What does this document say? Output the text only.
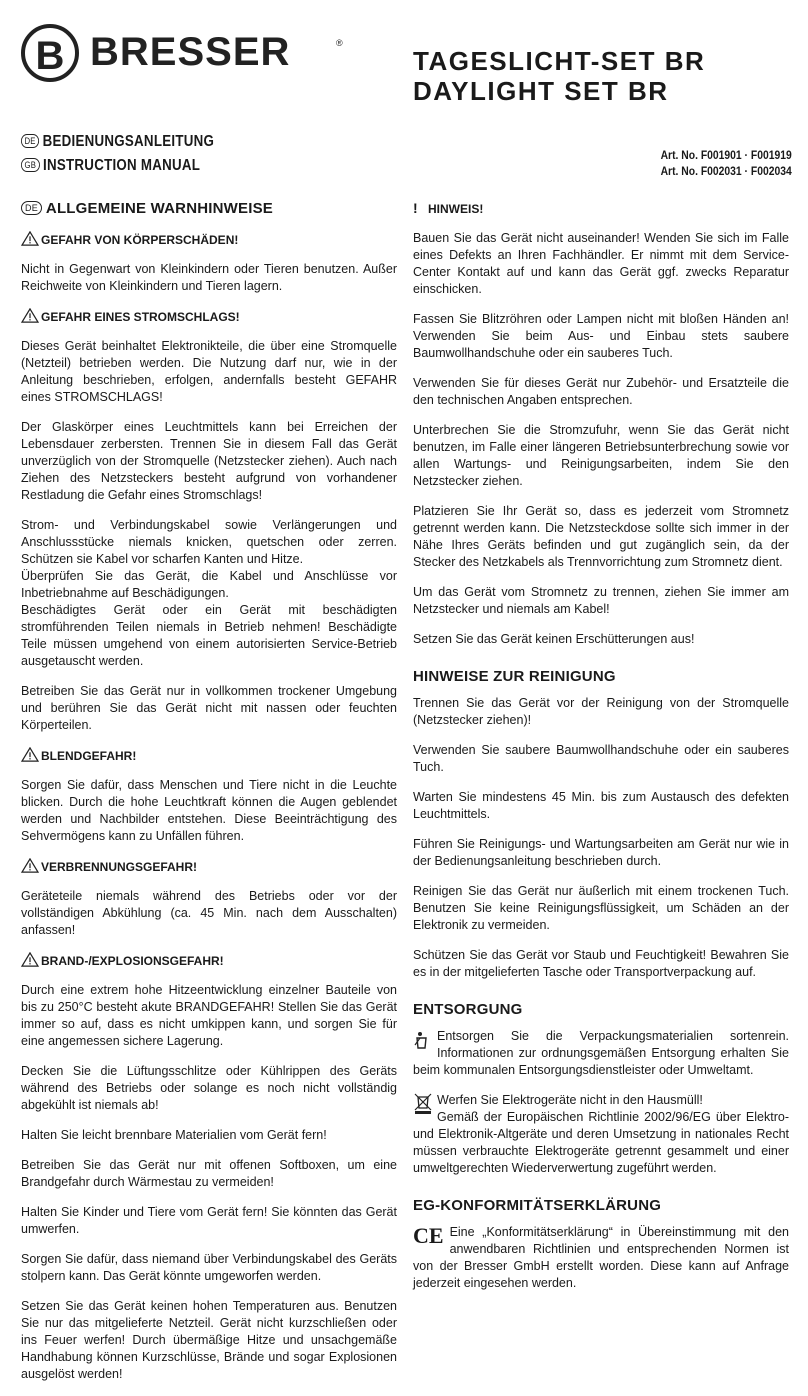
B BRESSER	®
TAGESLICHT-SET BR
DAYLIGHT SET BR
DE BEDIENUNGSANLEITUNG
GB INSTRUCTION MANUAL
Art. No. F001901 · F001919
Art. No. F002031 · F002034
DE ALLGEMEINE WARNHINWEISE

GEFAHR VON KÖRPERSCHÄDEN!

Nicht in Gegenwart von Kleinkindern oder Tieren benutzen. Außer Reichweite von Kleinkindern und Tieren lagern.

GEFAHR EINES STROMSCHLAGS!

Dieses Gerät beinhaltet Elektronikteile, die über eine Stromquelle (Netzteil) betrieben werden. Die Nutzung darf nur, wie in der Anleitung beschrieben, erfolgen, andernfalls besteht GEFAHR eines STROMSCHLAGS!

Der Glaskörper eines Leuchtmittels kann bei Erreichen der Lebensdauer zerbersten. Trennen Sie in diesem Fall das Gerät unverzüglich von der Stromquelle (Netzstecker ziehen). Auch nach Ziehen des Netzsteckers besteht aufgrund von vorhandener Restladung die Gefahr eines Stromschlags!

Strom- und Verbindungskabel sowie Verlängerungen und Anschlussstücke niemals knicken, quetschen oder zerren. Schützen sie Kabel vor scharfen Kanten und Hitze.

Überprüfen Sie das Gerät, die Kabel und Anschlüsse vor Inbetriebnahme auf Beschädigungen.

Beschädigtes Gerät oder ein Gerät mit beschädigten stromführenden Teilen niemals in Betrieb nehmen! Beschädigte Teile müssen umgehend von einem autorisierten Service-Betrieb ausgetauscht werden.

Betreiben Sie das Gerät nur in vollkommen trockener Umgebung und berühren Sie das Gerät nicht mit nassen oder feuchten Körperteilen.

BLENDGEFAHR!

Sorgen Sie dafür, dass Menschen und Tiere nicht in die Leuchte blicken. Durch die hohe Leuchtkraft können die Augen geblendet werden und Nachbilder entstehen. Diese Beeinträchtigung des Sehvermögens kann zu Unfällen führen.

VERBRENNUNGSGEFAHR!

Geräteteile niemals während des Betriebs oder vor der vollständigen Abkühlung (ca. 45 Min. nach dem Ausschalten) anfassen!

BRAND-/EXPLOSIONSGEFAHR!

Durch eine extrem hohe Hitzeentwicklung einzelner Bauteile von bis zu 250°C besteht akute BRANDGEFAHR! Stellen Sie das Gerät immer so auf, dass es nicht umkippen kann, und sorgen Sie für eine angemessen sichere Lagerung.

Decken Sie die Lüftungsschlitze oder Kühlrippen des Geräts während des Betriebs oder solange es noch nicht vollständig abgekühlt ist niemals ab!

Halten Sie leicht brennbare Materialien vom Gerät fern!

Betreiben Sie das Gerät nur mit offenen Softboxen, um eine Brandgefahr durch Wärmestau zu vermeiden!

Halten Sie Kinder und Tiere vom Gerät fern! Sie könnten das Gerät umwerfen.

Sorgen Sie dafür, dass niemand über Verbindungskabel des Geräts stolpern kann. Das Gerät könnte umgeworfen werden.

Setzen Sie das Gerät keinen hohen Temperaturen aus. Benutzen Sie nur das mitgelieferte Netzteil. Gerät nicht kurzschließen oder ins Feuer werfen! Durch übermäßige Hitze und unsachgemäße Handhabung können Kurzschlüsse, Brände und sogar Explosionen ausgelöst werden!

! HINWEIS!

Bauen Sie das Gerät nicht auseinander! Wenden Sie sich im Falle eines Defekts an Ihren Fachhändler. Er nimmt mit dem Service-Center Kontakt auf und kann das Gerät ggf. zwecks Reparatur einschicken.

Fassen Sie Blitzröhren oder Lampen nicht mit bloßen Händen an! Verwenden Sie beim Aus- und Einbau stets saubere Baumwollhandschuhe oder ein sauberes Tuch.

Verwenden Sie für dieses Gerät nur Zubehör- und Ersatzteile die den technischen Angaben entsprechen.

Unterbrechen Sie die Stromzufuhr, wenn Sie das Gerät nicht benutzen, im Falle einer längeren Betriebsunterbrechung sowie vor allen Wartungs- und Reinigungsarbeiten, indem Sie den Netzstecker ziehen.

Platzieren Sie Ihr Gerät so, dass es jederzeit vom Stromnetz getrennt werden kann. Die Netzsteckdose sollte sich immer in der Nähe Ihres Geräts befinden und gut zugänglich sein, da der Stecker des Netzkabels als Trennvorrichtung zum Stromnetz dient.

Um das Gerät vom Stromnetz zu trennen, ziehen Sie immer am Netzstecker und niemals am Kabel!

Setzen Sie das Gerät keinen Erschütterungen aus!

HINWEISE ZUR REINIGUNG

Trennen Sie das Gerät vor der Reinigung von der Stromquelle (Netzstecker ziehen)!

Verwenden Sie saubere Baumwollhandschuhe oder ein sauberes Tuch.

Warten Sie mindestens 45 Min. bis zum Austausch des defekten Leuchtmittels.

Führen Sie Reinigungs- und Wartungsarbeiten am Gerät nur wie in der Bedienungsanleitung beschrieben durch.

Reinigen Sie das Gerät nur äußerlich mit einem trockenen Tuch. Benutzen Sie keine Reinigungsflüssigkeit, um Schäden an der Elektronik zu vermeiden.

Schützen Sie das Gerät vor Staub und Feuchtigkeit! Bewahren Sie es in der mitgelieferten Tasche oder Transportverpackung auf.

ENTSORGUNG

Entsorgen Sie die Verpackungsmaterialien sortenrein. Informationen zur ordnungsgemäßen Entsorgung erhalten Sie beim kommunalen Entsorgungsdienstleister oder Umweltamt.

Werfen Sie Elektrogeräte nicht in den Hausmüll!
Gemäß der Europäischen Richtlinie 2002/96/EG über Elektro- und Elektronik-Altgeräte und deren Umsetzung in nationales Recht müssen verbrauchte Elektrogeräte getrennt gesammelt und einer umweltgerechten Wiederverwertung zugeführt werden.

EG-KONFORMITÄTSERKLÄRUNG

CE Eine „Konformitätserklärung“ in Übereinstimmung mit den anwendbaren Richtlinien und entsprechenden Normen ist von der Bresser GmbH erstellt worden. Diese kann auf Anfrage jederzeit eingesehen werden.
